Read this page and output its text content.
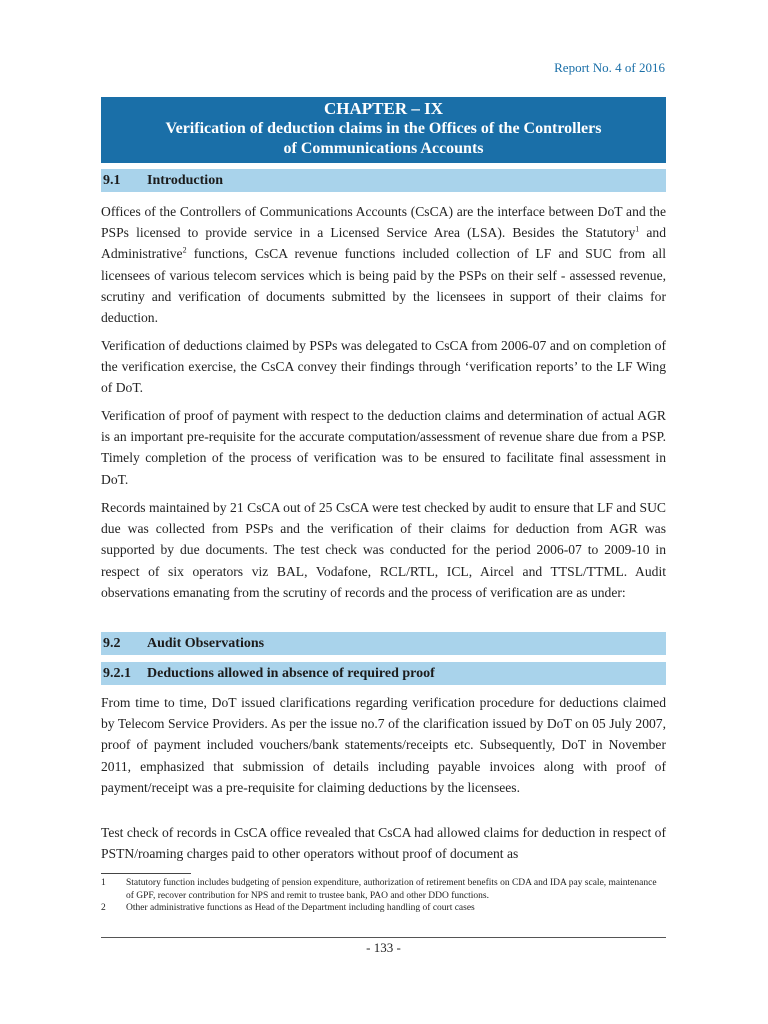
Report No. 4 of 2016
CHAPTER – IX
Verification of deduction claims in the Offices of the Controllers
of Communications Accounts
9.1 Introduction

Offices of the Controllers of Communications Accounts (CsCA) are the interface between DoT and the PSPs licensed to provide service in a Licensed Service Area (LSA). Besides the Statutory$^1$ and Administrative$^2$ functions, CsCA revenue functions included collection of LF and SUC from all licensees of various telecom services which is being paid by the PSPs on their self - assessed revenue, scrutiny and verification of documents submitted by the licensees in support of their claims for deduction.

Verification of deductions claimed by PSPs was delegated to CsCA from 2006-07 and on completion of the verification exercise, the CsCA convey their findings through ‘verification reports’ to the LF Wing of DoT.

Verification of proof of payment with respect to the deduction claims and determination of actual AGR is an important pre-requisite for the accurate computation/assessment of revenue share due from a PSP. Timely completion of the process of verification was to be ensured to facilitate final assessment in DoT.

Records maintained by 21 CsCA out of 25 CsCA were test checked by audit to ensure that LF and SUC due was collected from PSPs and the verification of their claims for deduction from AGR was supported by due documents. The test check was conducted for the period 2006-07 to 2009-10 in respect of six operators viz BAL, Vodafone, RCL/RTL, ICL, Aircel and TTSL/TTML. Audit observations emanating from the scrutiny of records and the process of verification are as under:

9.2 Audit Observations
9.2.1 Deductions allowed in absence of required proof

From time to time, DoT issued clarifications regarding verification procedure for deductions claimed by Telecom Service Providers. As per the issue no.7 of the clarification issued by DoT on 05 July 2007, proof of payment included vouchers/bank statements/receipts etc. Subsequently, DoT in November 2011, emphasized that submission of details including payable invoices along with proof of payment/receipt was a pre-requisite for claiming deductions by the licensees.

Test check of records in CsCA office revealed that CsCA had allowed claims for deduction in respect of PSTN/roaming charges paid to other operators without proof of document as

1	Statutory function includes budgeting of pension expenditure, authorization of retirement benefits on CDA and IDA pay scale, maintenance of GPF, recover contribution for NPS and remit to trustee bank, PAO and other DDO functions.
2	Other administrative functions as Head of the Department including handling of court cases
- 133 -
